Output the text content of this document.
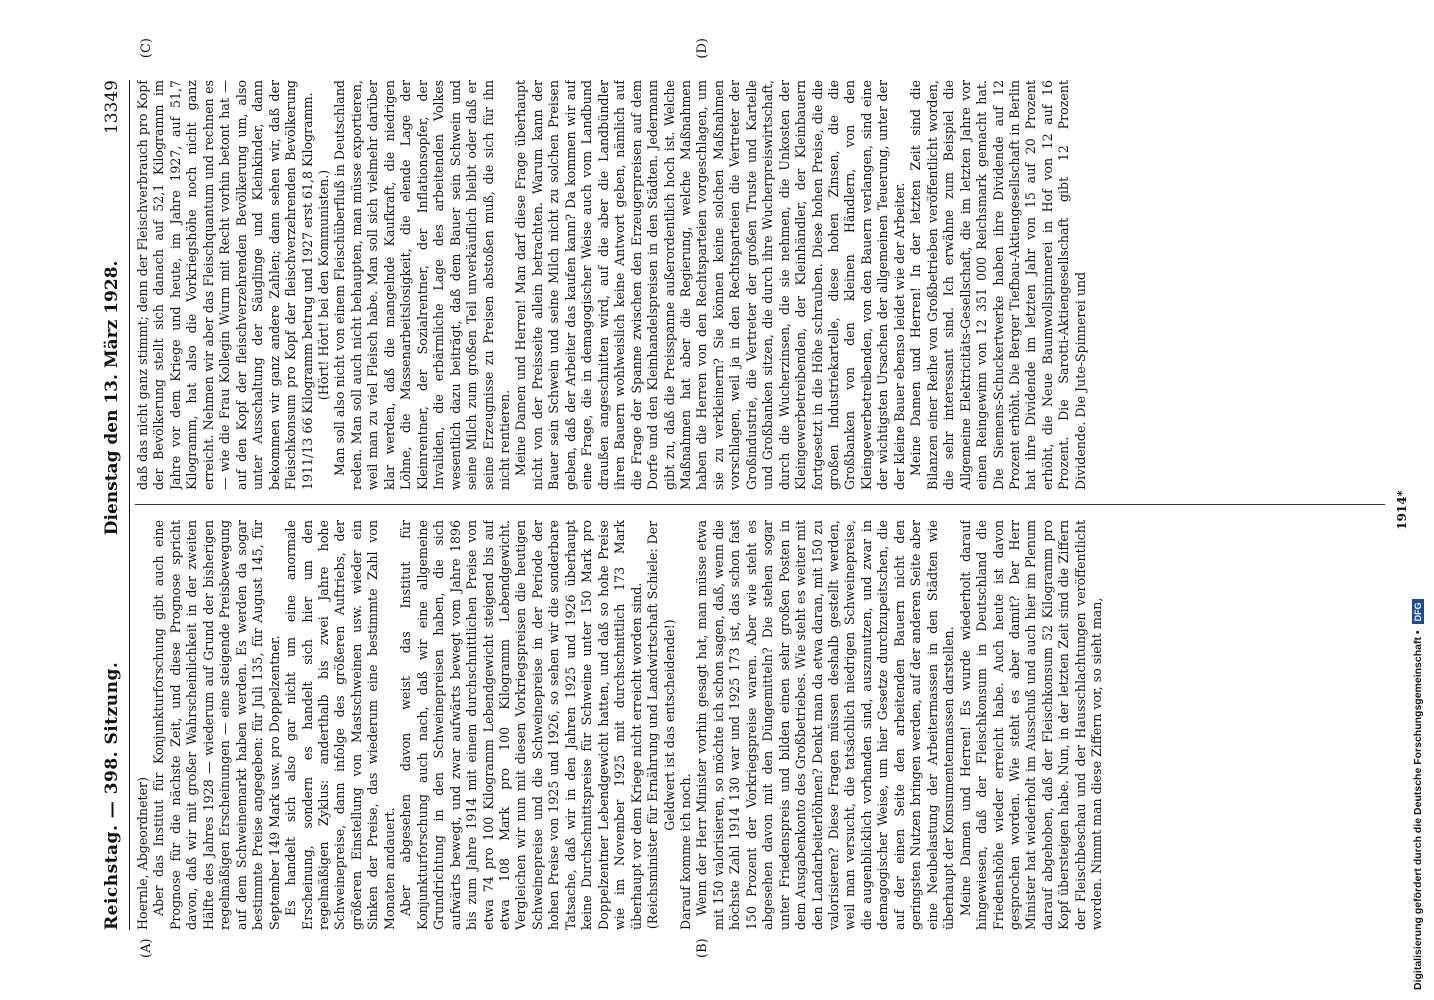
Reichstag. — 398. Sitzung.
Dienstag den 13. März 1928.
13349
(A)	(B)
(C)	(D)

Hoernle, Abgeordneter) Aber das Institut für Konjunkturforschung gibt auch eine Prognose für die nächste Zeit, und diese Prognose spricht davon, daß wir mit großer Wahrscheinlichkeit in der zweiten Hälfte des Jahres 1928 — wiederum auf Grund der bisherigen regelmäßigen Erscheinungen — eine steigende Preisbewegung auf dem Schweinemarkt haben werden. Es werden da sogar bestimmte Preise angegeben: für Juli 135, für August 145, für September 149 Mark usw. pro Doppelzentner. Es handelt sich also gar nicht um eine anormale Erscheinung, sondern es handelt sich hier um den regelmäßigen Zyklus: anderthalb bis zwei Jahre hohe Schweinepreise, dann infolge des größeren Auftriebs, der größeren Einstellung von Mastschweinen usw. wieder ein Sinken der Preise, das wiederum eine bestimmte Zahl von Monaten andauert. Aber abgesehen davon weist das Institut für Konjunkturforschung auch nach, daß wir eine allgemeine Grundrichtung in den Schweinepreisen haben, die sich aufwärts bewegt, und zwar aufwärts bewegt vom Jahre 1896 bis zum Jahre 1914 mit einem durchschnittlichen Preise von etwa 74 pro 100 Kilogramm Lebendgewicht steigend bis auf etwa 108 Mark pro 100 Kilogramm Lebendgewicht. Vergleichen wir nun mit diesen Vorkriegspreisen die heutigen Schweinepreise und die Schweinepreise in der Periode der hohen Preise von 1925 und 1926, so sehen wir die sonderbare Tatsache, daß wir in den Jahren 1925 und 1926 überhaupt keine Durchschnittspreise für Schweine unter 150 Mark pro Doppelzentner Lebendgewicht hatten, und daß so hohe Preise wie im November 1925 mit durchschnittlich 173 Mark überhaupt vor dem Kriege nicht erreicht worden sind. (Reichsminister für Ernährung und Landwirtschaft Schiele: Der Geldwert ist das entscheidende!)

Darauf komme ich noch. Wenn der Herr Minister vorhin gesagt hat, man müsse etwa mit 150 valorisieren, so möchte ich schon sagen, daß, wenn die höchste Zahl 1914 130 war und 1925 173 ist, das schon fast 150 Prozent der Vorkriegspreise waren. Aber wie steht es abgesehen davon mit den Düngemitteln? Die stehen sogar unter Friedenspreis und bilden einen sehr großen Posten in dem Ausgabenkonto des Großbetriebes. Wie steht es weiter mit den Landarbeiterlöhnen? Denkt man da etwa daran, mit 150 zu valorisieren? Diese Fragen müssen deshalb gestellt werden, weil man versucht, die tatsächlich niedrigen Schweinepreise, die augenblicklich vorhanden sind, auszunutzen, und zwar in demagogischer Weise, um hier Gesetze durchzupeitschen, die auf der einen Seite den arbeitenden Bauern nicht den geringsten Nutzen bringen werden, auf der anderen Seite aber eine Neubelastung der Arbeitermassen in den Städten wie überhaupt der Konsumentenmassen darstellen. Meine Damen und Herren! Es wurde wiederholt darauf hingewiesen, daß der Fleischkonsum in Deutschland die Friedenshöhe wieder erreicht habe. Auch heute ist davon gesprochen worden. Wie steht es aber damit? Der Herr Minister hat wiederholt im Ausschuß und auch hier im Plenum darauf abgehoben, daß der Fleischkonsum 52 Kilogramm pro Kopf übersteigen habe. Nun, in der letzten Zeit sind die Ziffern der Fleischbeschau und der Hausschlachtungen veröffentlicht worden. Nimmt man diese Ziffern vor, so sieht man,

daß das nicht ganz stimmt; denn der Fleischverbrauch pro Kopf der Bevölkerung stellt sich danach auf 52,1 Kilogramm im Jahre vor dem Kriege und heute, im Jahre 1927, auf 51,7 Kilogramm, hat also die Vorkriegshöhe noch nicht ganz erreicht. Nehmen wir aber das Fleischquantum und rechnen es — wie die Frau Kollegin Wurm mit Recht vorhin betont hat — auf den Kopf der fleischverzehrenden Bevölkerung um, also unter Ausschaltung der Säuglinge und Kleinkinder, dann bekommen wir ganz andere Zahlen; dann sehen wir, daß der Fleischkonsum pro Kopf der fleischverzehrenden Bevölkerung 1911/13 66 Kilogramm betrug und 1927 erst 61,8 Kilogramm. (Hört! Hört! bei den Kommunisten.) Man soll also nicht von einem Fleischüberfluß in Deutschland reden. Man soll auch nicht behaupten, man müsse exportieren, weil man zu viel Fleisch habe. Man soll sich vielmehr darüber klar werden, daß die mangelnde Kaufkraft, die niedrigen Löhne, die Massenarbeitslosigkeit, die elende Lage der Kleinrentner, der Sozialrentner, der Inflationsopfer, der Invaliden, die erbärmliche Lage des arbeitenden Volkes wesentlich dazu beiträgt, daß dem Bauer sein Schwein und seine Milch zum großen Teil unverkäuflich bleibt oder daß er seine Erzeugnisse zu Preisen abstoßen muß, die sich für ihn nicht rentieren. Meine Damen und Herren! Man darf diese Frage überhaupt nicht von der Preisseite allein betrachten. Warum kann der Bauer sein Schwein und seine Milch nicht zu solchen Preisen geben, daß der Arbeiter das kaufen kann? Da kommen wir auf eine Frage, die in demagogischer Weise auch vom Landbund draußen angeschnitten wird, auf die aber die Landbündler ihren Bauern wohlweislich keine Antwort geben, nämlich auf die Frage der Spanne zwischen den Erzeugerpreisen auf dem Dorfe und den Kleinhandelspreisen in den Städten. Jedermann gibt zu, daß die Preisspanne außerordentlich hoch ist. Welche Maßnahmen hat aber die Regierung, welche Maßnahmen haben die Herren von den Rechtsparteien vorgeschlagen, um sie zu verkleinern? Sie können keine solchen Maßnahmen vorschlagen, weil ja in den Rechtsparteien die Vertreter der Großindustrie, die Vertreter der großen Truste und Kartelle und Großbanken sitzen, die durch ihre Wucherpreiswirtschaft, durch die Wucherzinsen, die sie nehmen, die Unkosten der Kleingewerbetreibenden, der Kleinhändler, der Kleinbauern fortgesetzt in die Höhe schrauben. Diese hohen Preise, die die großen Industriekartelle, diese hohen Zinsen, die die Großbanken von den kleinen Händlern, von den Kleingewerbetreibenden, von den Bauern verlangen, sind eine der wichtigsten Ursachen der allgemeinen Teuerung, unter der der kleine Bauer ebenso leidet wie der Arbeiter. Meine Damen und Herren! In der letzten Zeit sind die Bilanzen einer Reihe von Großbetrieben veröffentlicht worden, die sehr interessant sind. Ich erwähne zum Beispiel die Allgemeine Elektricitäts-Gesellschaft, die im letzten Jahre vor einen Reingewinn von 12 351 000 Reichsmark gemacht hat. Die Siemens-Schuckertwerke haben ihre Dividende auf 12 Prozent erhöht. Die Berger Tiefbau-Aktiengesellschaft in Berlin hat ihre Dividende im letzten Jahr von 15 auf 20 Prozent erhöht, die Neue Baumwollspinnerei in Hof von 12 auf 16 Prozent. Die Sarotti-Aktiengesellschaft gibt 12 Prozent Dividende. Die Jute-Spinnerei und

1914*
Digitalisierung gefördert durch die Deutsche Forschungsgemeinschaft •
DFG
